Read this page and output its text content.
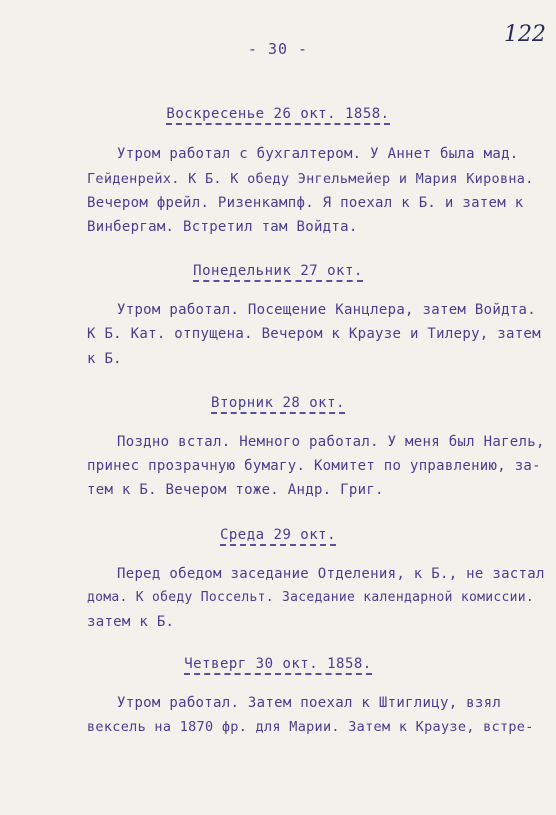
122
- 30 -
Воскресенье 26 окт. 1858.
Утром работал с бухгалтером. У Аннет была мад.
Гейденрейх. К Б. К обеду Энгельмейер и Мария Кировна.
Вечером фрейл. Ризенкампф. Я поехал к Б. и затем к
Винбергам. Встретил там Войдта.
Понедельник 27 окт.
Утром работал. Посещение Канцлера, затем Войдта.
К Б. Кат. отпущена. Вечером к Краузе и Тилеру, затем
к Б.
Вторник 28 окт.
Поздно встал. Немного работал. У меня был Нагель,
принес прозрачную бумагу. Комитет по управлению, за-
тем к Б. Вечером тоже. Андр. Григ.
Среда 29 окт.
Перед обедом заседание Отделения, к Б., не застал
дома. К обеду Поссельт. Заседание календарной комиссии.
затем к Б.
Четверг 30 окт. 1858.
Утром работал. Затем поехал к Штиглицу, взял
вексель на 1870 фр. для Марии. Затем к Краузе, встре-
